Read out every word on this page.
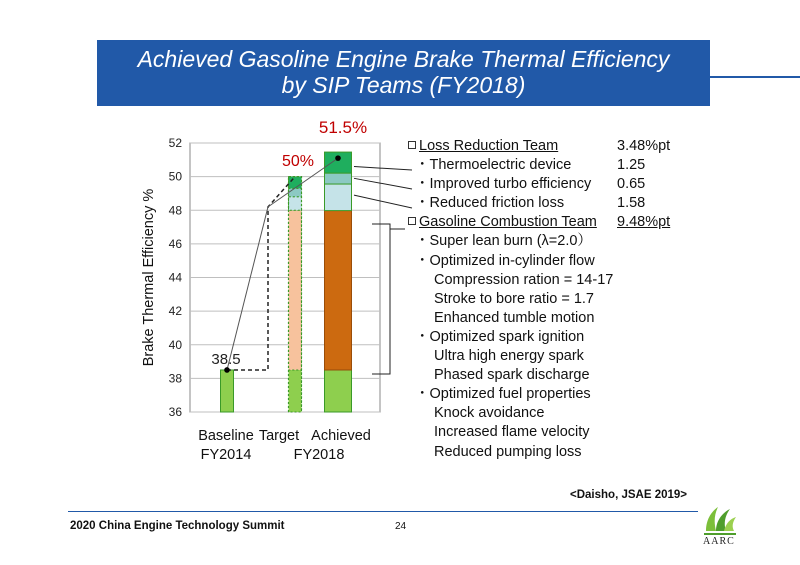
Achieved Gasoline Engine Brake Thermal Efficiency
by SIP Teams (FY2018)
38.5
50%
51.5%
36
38
40
42
44
46
48
50
52
Brake Thermal Efficiency %
Baseline Target Achieved
FY2014	FY2018
Loss Reduction Team	3.48%pt
・Thermoelectric device	1.25
・Improved turbo efficiency 0.65
・Reduced friction loss	1.58
Gasoline Combustion Team 9.48%pt
・Super lean burn (λ=2.0）
・Optimized in-cylinder flow
Compression ration = 14-17
Stroke to bore ratio = 1.7
Enhanced tumble motion
・Optimized spark ignition
Ultra high energy spark
Phased spark discharge
・Optimized fuel properties
Knock avoidance
Increased flame velocity
Reduced pumping loss
<Daisho, JSAE 2019>
2020 China Engine Technology Summit	24
AARC
